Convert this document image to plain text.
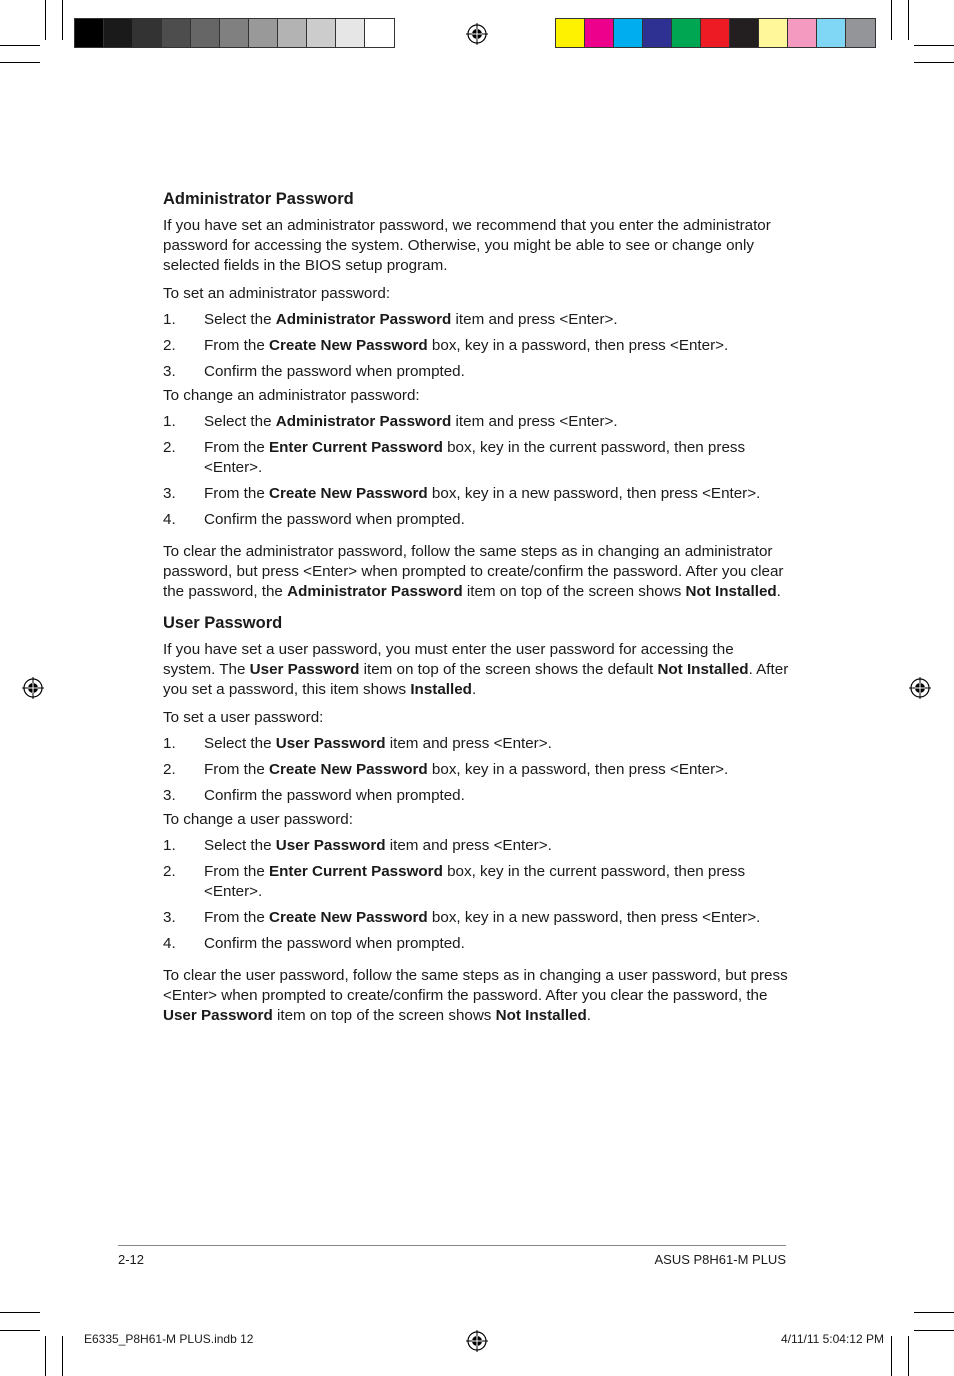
Administrator Password

If you have set an administrator password, we recommend that you enter the administrator password for accessing the system. Otherwise, you might be able to see or change only selected fields in the BIOS setup program.

To set an administrator password:

1.	Select the Administrator Password item and press <Enter>.
2.	From the Create New Password box, key in a password, then press <Enter>.
3.	Confirm the password when prompted.

To change an administrator password:

1.	Select the Administrator Password item and press <Enter>.
2.	From the Enter Current Password box, key in the current password, then press <Enter>.
3.	From the Create New Password box, key in a new password, then press <Enter>.
4.	Confirm the password when prompted.

To clear the administrator password, follow the same steps as in changing an administrator password, but press <Enter> when prompted to create/confirm the password. After you clear the password, the Administrator Password item on top of the screen shows Not Installed.

User Password

If you have set a user password, you must enter the user password for accessing the system. The User Password item on top of the screen shows the default Not Installed. After you set a password, this item shows Installed.

To set a user password:

1.	Select the User Password item and press <Enter>.
2.	From the Create New Password box, key in a password, then press <Enter>.
3.	Confirm the password when prompted.

To change a user password:

1.	Select the User Password item and press <Enter>.
2.	From the Enter Current Password box, key in the current password, then press <Enter>.
3.	From the Create New Password box, key in a new password, then press <Enter>.
4.	Confirm the password when prompted.

To clear the user password, follow the same steps as in changing a user password, but press <Enter> when prompted to create/confirm the password. After you clear the password, the User Password item on top of the screen shows Not Installed.

2-12	ASUS P8H61-M PLUS
E6335_P8H61-M PLUS.indb 12	4/11/11 5:04:12 PM
